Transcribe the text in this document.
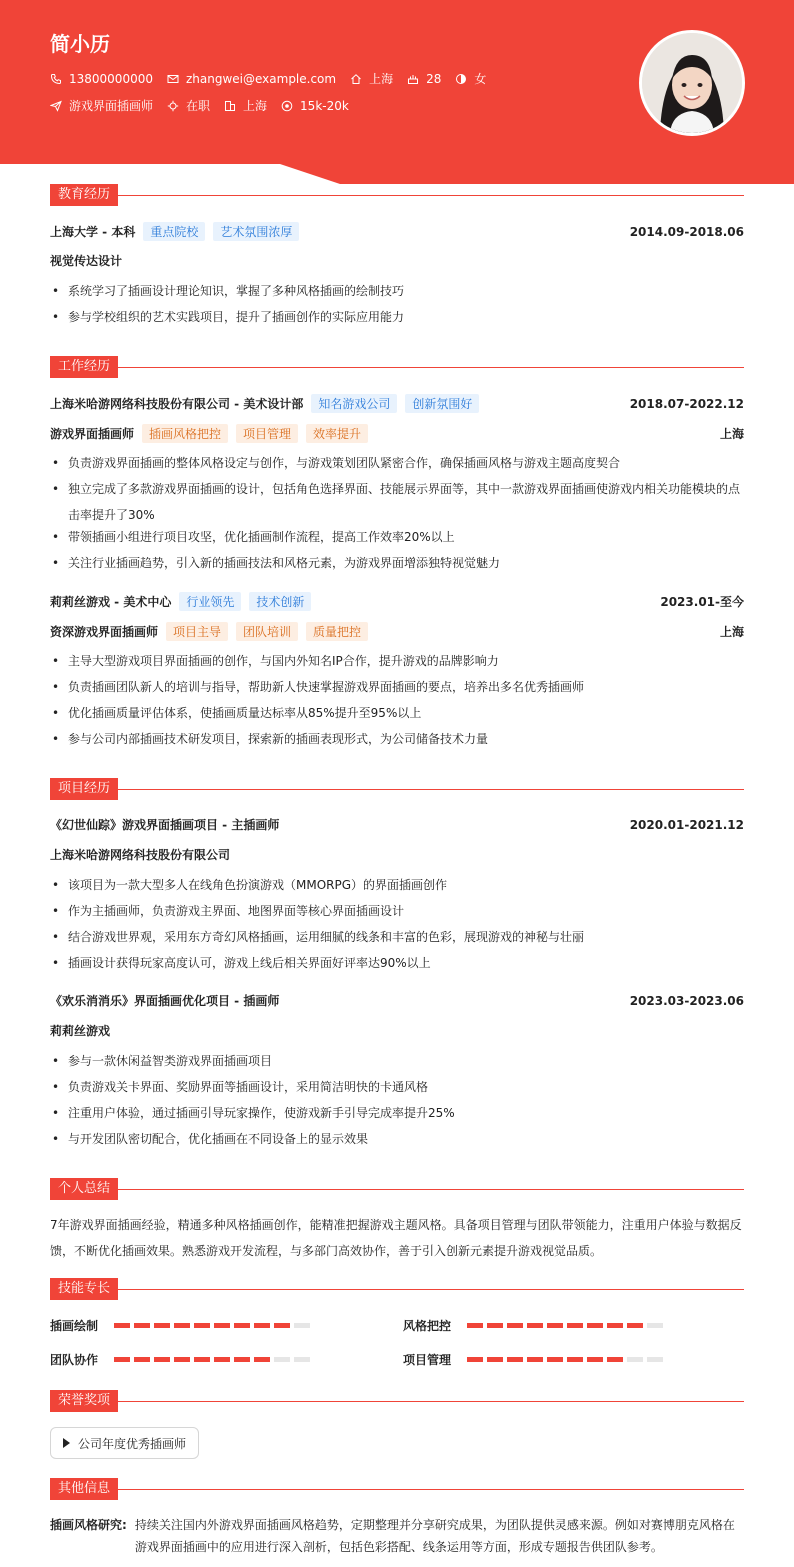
简小历
13800000000	zhangwei@example.com	上海	28	女
游戏界面插画师	在职	上海	15k-20k
教育经历
上海大学 - 本科	重点院校	艺术氛围浓厚	2014.09-2018.06
视觉传达设计
• 系统学习了插画设计理论知识，掌握了多种风格插画的绘制技巧
• 参与学校组织的艺术实践项目，提升了插画创作的实际应用能力
工作经历
上海米哈游网络科技股份有限公司 - 美术设计部	知名游戏公司	创新氛围好	2018.07-2022.12
游戏界面插画师	插画风格把控	项目管理	效率提升	上海
• 负责游戏界面插画的整体风格设定与创作，与游戏策划团队紧密合作，确保插画风格与游戏主题高度契合
• 独立完成了多款游戏界面插画的设计，包括角色选择界面、技能展示界面等，其中一款游戏界面插画使游戏内相关功能模块的点击率提升了30%
• 带领插画小组进行项目攻坚，优化插画制作流程，提高工作效率20%以上
• 关注行业插画趋势，引入新的插画技法和风格元素，为游戏界面增添独特视觉魅力
莉莉丝游戏 - 美术中心	行业领先	技术创新	2023.01-至今
资深游戏界面插画师	项目主导	团队培训	质量把控	上海
• 主导大型游戏项目界面插画的创作，与国内外知名IP合作，提升游戏的品牌影响力
• 负责插画团队新人的培训与指导，帮助新人快速掌握游戏界面插画的要点，培养出多名优秀插画师
• 优化插画质量评估体系，使插画质量达标率从85%提升至95%以上
• 参与公司内部插画技术研发项目，探索新的插画表现形式，为公司储备技术力量
项目经历
《幻世仙踪》游戏界面插画项目 - 主插画师	2020.01-2021.12
上海米哈游网络科技股份有限公司
• 该项目为一款大型多人在线角色扮演游戏（MMORPG）的界面插画创作
• 作为主插画师，负责游戏主界面、地图界面等核心界面插画设计
• 结合游戏世界观，采用东方奇幻风格插画，运用细腻的线条和丰富的色彩，展现游戏的神秘与壮丽
• 插画设计获得玩家高度认可，游戏上线后相关界面好评率达90%以上
《欢乐消消乐》界面插画优化项目 - 插画师	2023.03-2023.06
莉莉丝游戏
• 参与一款休闲益智类游戏界面插画项目
• 负责游戏关卡界面、奖励界面等插画设计，采用简洁明快的卡通风格
• 注重用户体验，通过插画引导玩家操作，使游戏新手引导完成率提升25%
• 与开发团队密切配合，优化插画在不同设备上的显示效果
个人总结
7年游戏界面插画经验，精通多种风格插画创作，能精准把握游戏主题风格。具备项目管理与团队带领能力，注重用户体验与数据反馈，不断优化插画效果。熟悉游戏开发流程，与多部门高效协作，善于引入创新元素提升游戏视觉品质。
技能专长
插画绘制	风格把控
团队协作	项目管理
荣誉奖项
公司年度优秀插画师
其他信息
插画风格研究: 持续关注国内外游戏界面插画风格趋势，定期整理并分享研究成果，为团队提供灵感来源。例如对赛博朋克风格在游戏界面插画中的应用进行深入剖析，包括色彩搭配、线条运用等方面，形成专题报告供团队参考。
